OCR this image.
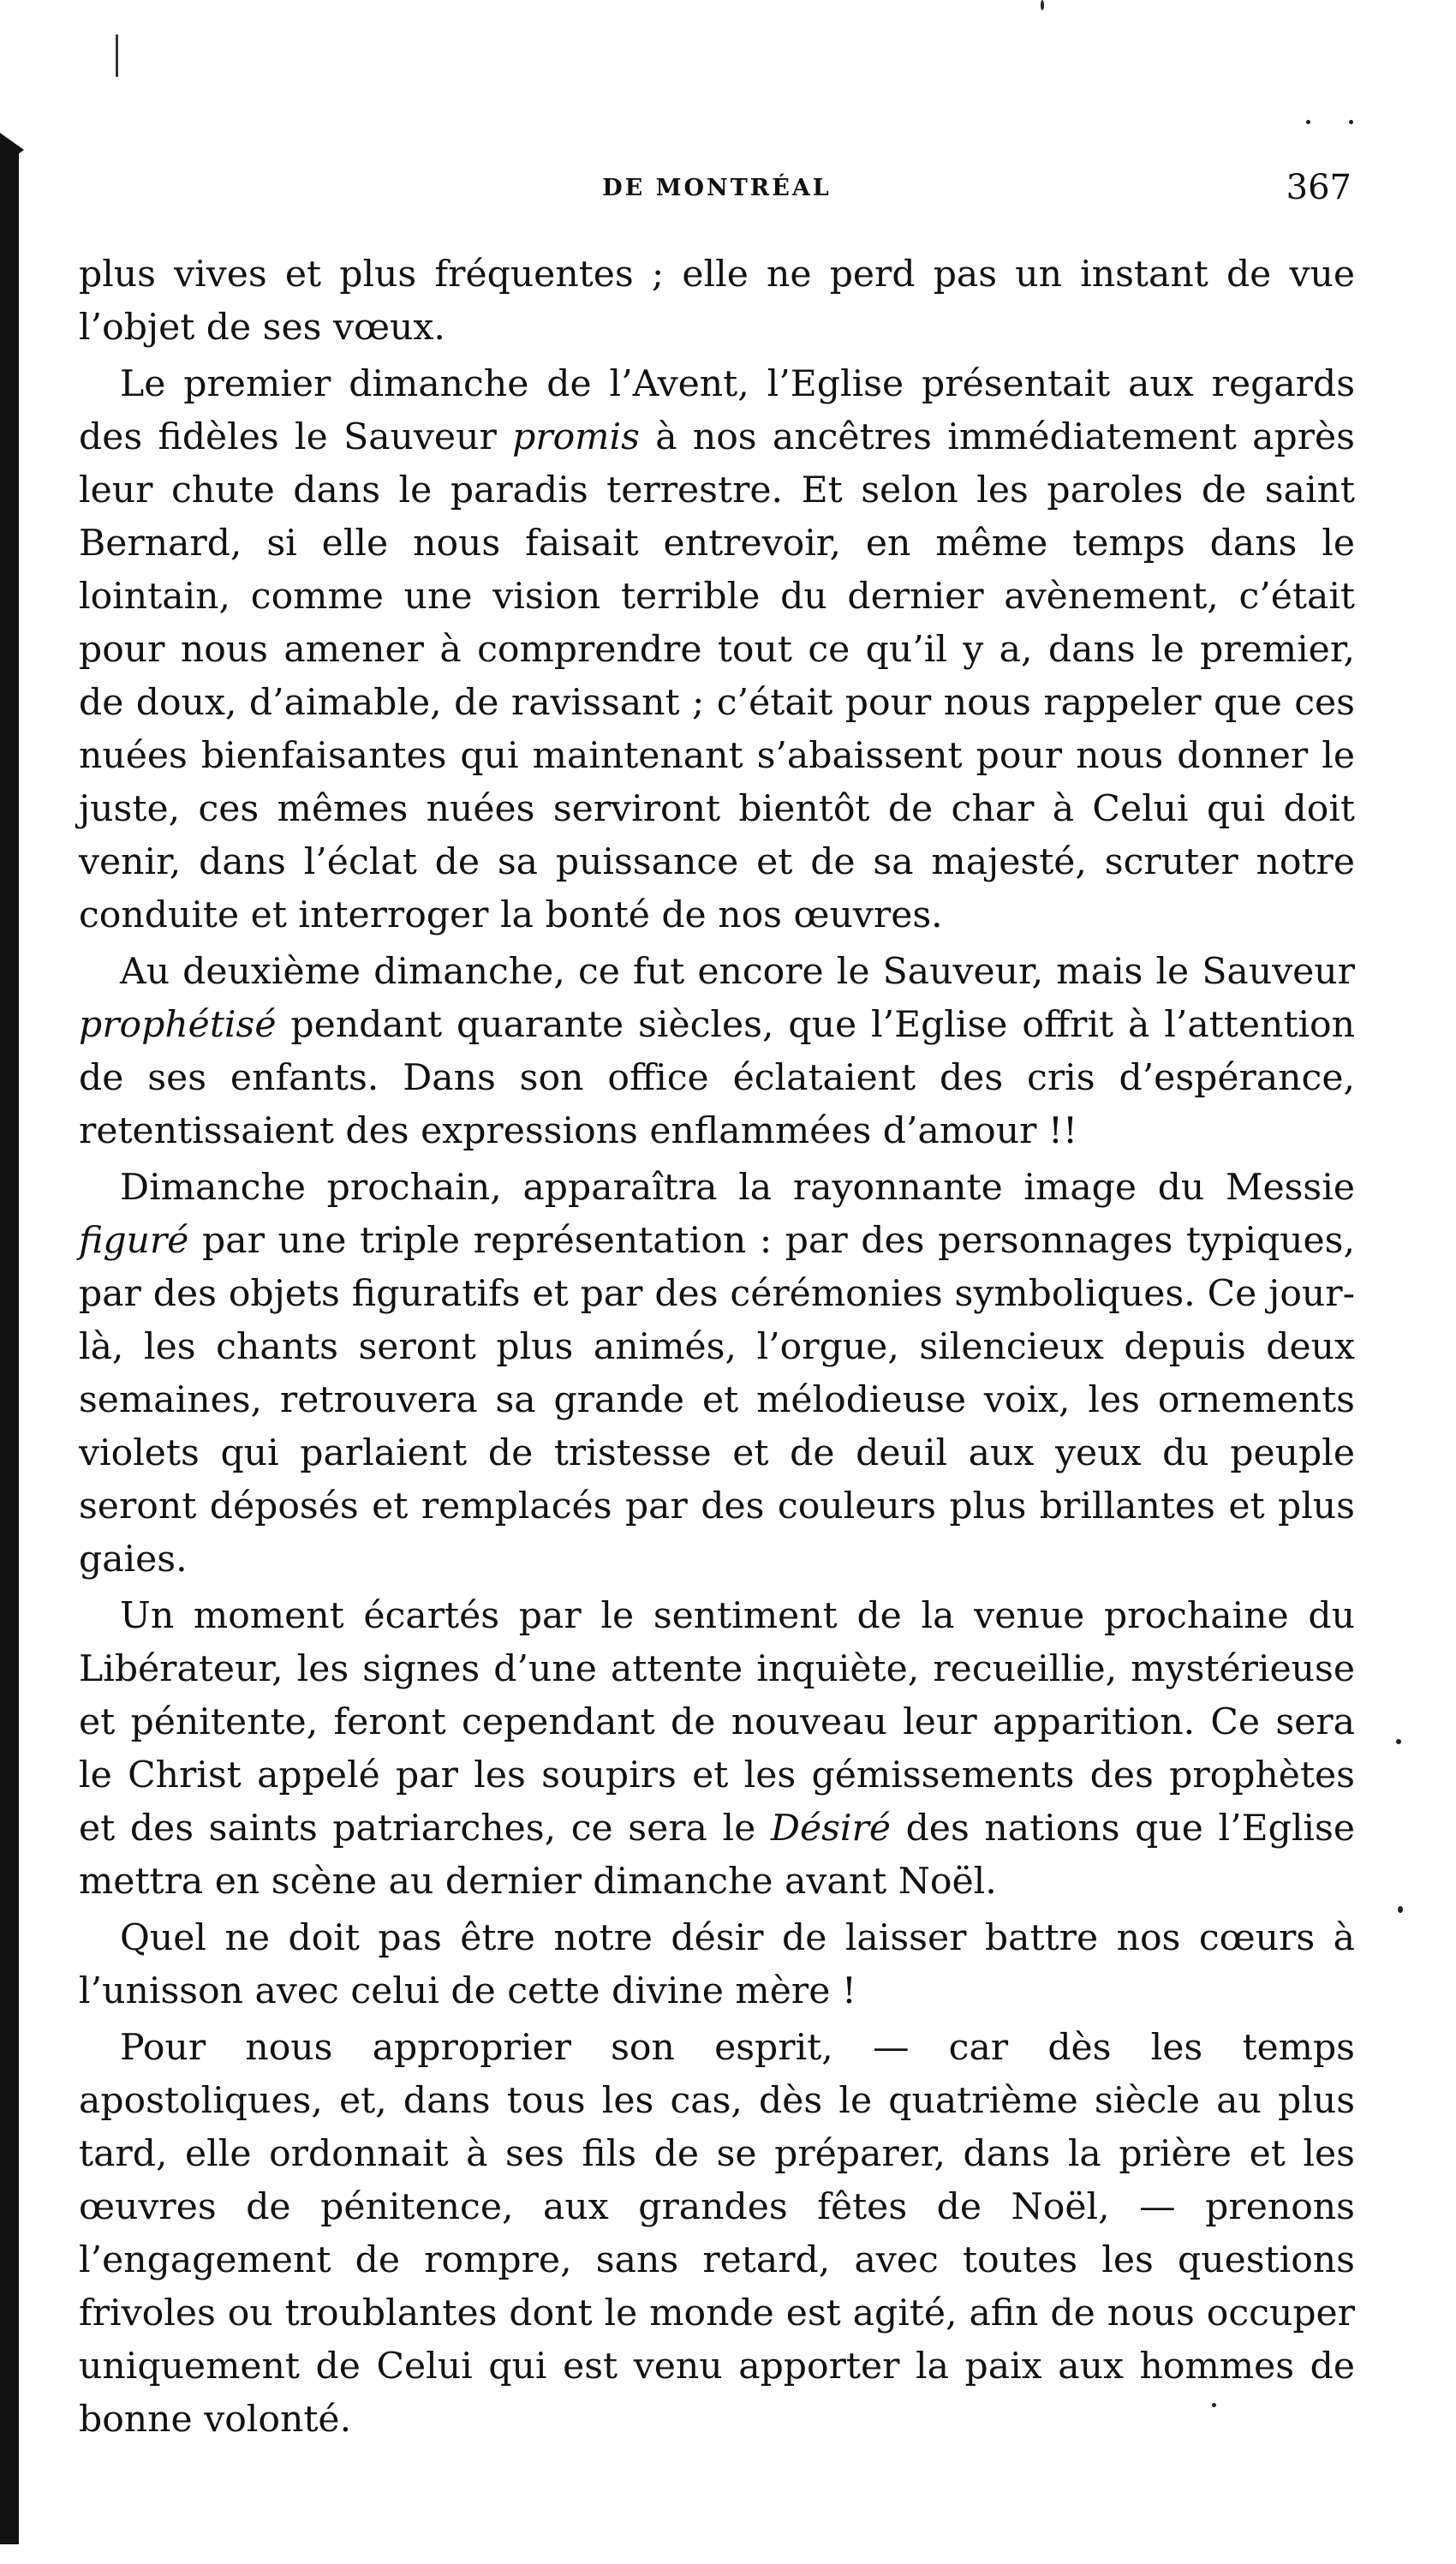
DE MONTRÉAL	367

plus vives et plus fréquentes ; elle ne perd pas un instant de vue l’objet de ses vœux.

Le premier dimanche de l’Avent, l’Eglise présentait aux regards des fidèles le Sauveur promis à nos ancêtres immédiatement après leur chute dans le paradis terrestre. Et selon les paroles de saint Bernard, si elle nous faisait entrevoir, en même temps dans le lointain, comme une vision terrible du dernier avènement, c’était pour nous amener à comprendre tout ce qu’il y a, dans le premier, de doux, d’aimable, de ravissant ; c’était pour nous rappeler que ces nuées bienfaisantes qui maintenant s’abaissent pour nous donner le juste, ces mêmes nuées serviront bientôt de char à Celui qui doit venir, dans l’éclat de sa puissance et de sa majesté, scruter notre conduite et interroger la bonté de nos œuvres.

Au deuxième dimanche, ce fut encore le Sauveur, mais le Sauveur prophétisé pendant quarante siècles, que l’Eglise offrit à l’attention de ses enfants. Dans son office éclataient des cris d’espérance, retentissaient des expressions enflammées d’amour !!

Dimanche prochain, apparaîtra la rayonnante image du Messie figuré par une triple représentation : par des personnages typiques, par des objets figuratifs et par des cérémonies symboliques. Ce jour-là, les chants seront plus animés, l’orgue, silencieux depuis deux semaines, retrouvera sa grande et mélodieuse voix, les ornements violets qui parlaient de tristesse et de deuil aux yeux du peuple seront déposés et remplacés par des couleurs plus brillantes et plus gaies.

Un moment écartés par le sentiment de la venue prochaine du Libérateur, les signes d’une attente inquiète, recueillie, mystérieuse et pénitente, feront cependant de nouveau leur apparition. Ce sera le Christ appelé par les soupirs et les gémissements des prophètes et des saints patriarches, ce sera le Désiré des nations que l’Eglise mettra en scène au dernier dimanche avant Noël.

Quel ne doit pas être notre désir de laisser battre nos cœurs à l’unisson avec celui de cette divine mère !

Pour nous approprier son esprit, — car dès les temps apostoliques, et, dans tous les cas, dès le quatrième siècle au plus tard, elle ordonnait à ses fils de se préparer, dans la prière et les œuvres de pénitence, aux grandes fêtes de Noël, — prenons l’engagement de rompre, sans retard, avec toutes les questions frivoles ou troublantes dont le monde est agité, afin de nous occuper uniquement de Celui qui est venu apporter la paix aux hommes de bonne volonté.
